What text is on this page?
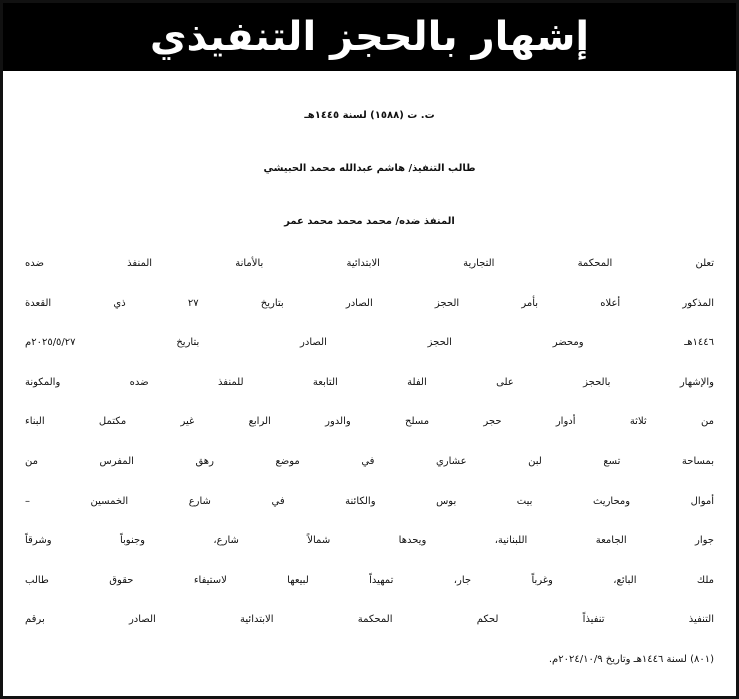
إشهار بالحجز التنفيذي
ت. ت (١٥٨٨) لسنة ١٤٤٥هـ
طالب التنفيذ/ هاشم عبدالله محمد الحبيشي
المنفذ ضده/ محمد محمد محمد عمر
تعلن المحكمة التجارية الابتدائية بالأمانة المنفذ ضده
المذكور أعلاه بأمر الحجز الصادر بتاريخ ٢٧ ذي القعدة
١٤٤٦هـ ومحضر الحجز الصادر بتاريخ ٢٠٢٥/٥/٢٧م
والإشهار بالحجز على الفلة التابعة للمنفذ ضده والمكونة
من ثلاثة أدوار حجر مسلح والدور الرابع غير مكتمل البناء
بمساحة تسع لبن عشاري في موضع رهق المفرس من
أموال ومحاريث بيت بوس والكائنة في شارع الخمسين –
جوار الجامعة اللبنانية، ويحدها شمالاً شارع، وجنوباً وشرقاً
ملك البائع، وغرباً جار، تمهيداً لبيعها لاستيفاء حقوق طالب
التنفيذ تنفيذاً لحكم المحكمة الابتدائية الصادر برقم
(٨٠١) لسنة ١٤٤٦هـ وتاريخ ٢٠٢٤/١٠/٩م.
